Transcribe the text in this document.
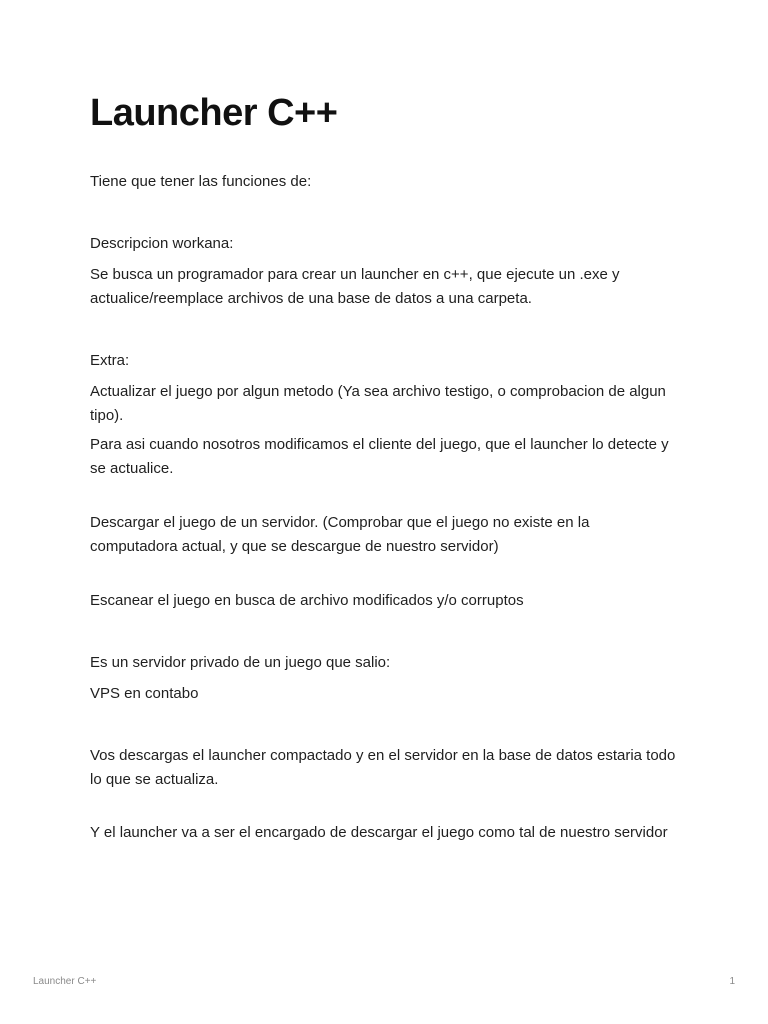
Launcher C++

Tiene que tener las funciones de:

Descripcion workana:

Se busca un programador para crear un launcher en c++, que ejecute un .exe y actualice/reemplace archivos de una base de datos a una carpeta.

Extra:

Actualizar el juego por algun metodo (Ya sea archivo testigo, o comprobacion de algun tipo).

Para asi cuando nosotros modificamos el cliente del juego, que el launcher lo detecte y se actualice.

Descargar el juego de un servidor. (Comprobar que el juego no existe en la computadora actual, y que se descargue de nuestro servidor)

Escanear el juego en busca de archivo modificados y/o corruptos

Es un servidor privado de un juego que salio:

VPS en contabo

Vos descargas el launcher compactado y en el servidor en la base de datos estaria todo lo que se actualiza.

Y el launcher va a ser el encargado de descargar el juego como tal de nuestro servidor

Launcher C++	1
